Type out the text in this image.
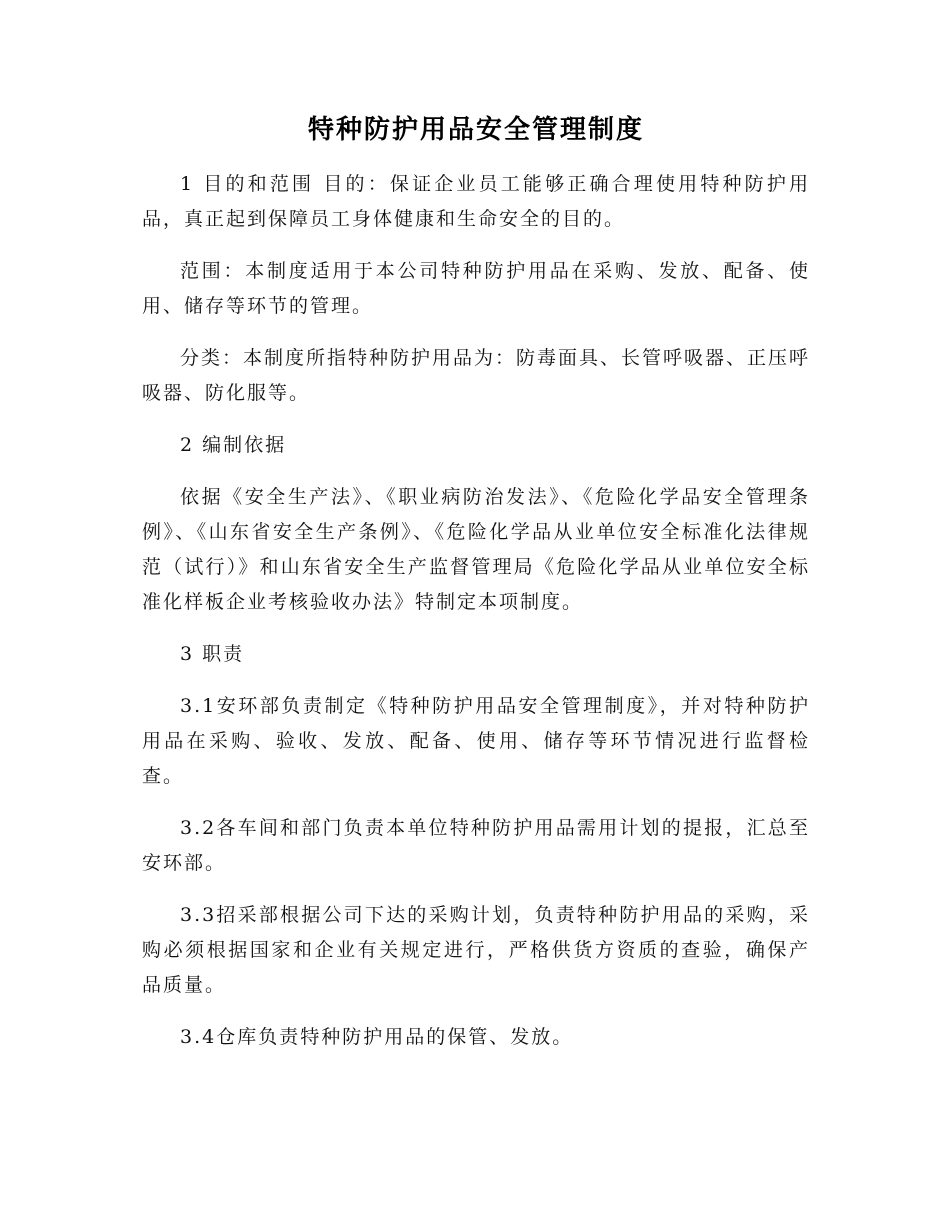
特种防护用品安全管理制度

1 目的和范围 目的：保证企业员工能够正确合理使用特种防护用品，真正起到保障员工身体健康和生命安全的目的。

范围：本制度适用于本公司特种防护用品在采购、发放、配备、使用、储存等环节的管理。

分类：本制度所指特种防护用品为：防毒面具、长管呼吸器、正压呼吸器、防化服等。

2 编制依据

依据《安全生产法》、《职业病防治发法》、《危险化学品安全管理条例》、《山东省安全生产条例》、《危险化学品从业单位安全标准化法律规范（试行）》和山东省安全生产监督管理局《危险化学品从业单位安全标准化样板企业考核验收办法》特制定本项制度。

3 职责

3.1安环部负责制定《特种防护用品安全管理制度》，并对特种防护用品在采购、验收、发放、配备、使用、储存等环节情况进行监督检查。

3.2各车间和部门负责本单位特种防护用品需用计划的提报，汇总至安环部。

3.3招采部根据公司下达的采购计划，负责特种防护用品的采购，采购必须根据国家和企业有关规定进行，严格供货方资质的查验，确保产品质量。

3.4仓库负责特种防护用品的保管、发放。
